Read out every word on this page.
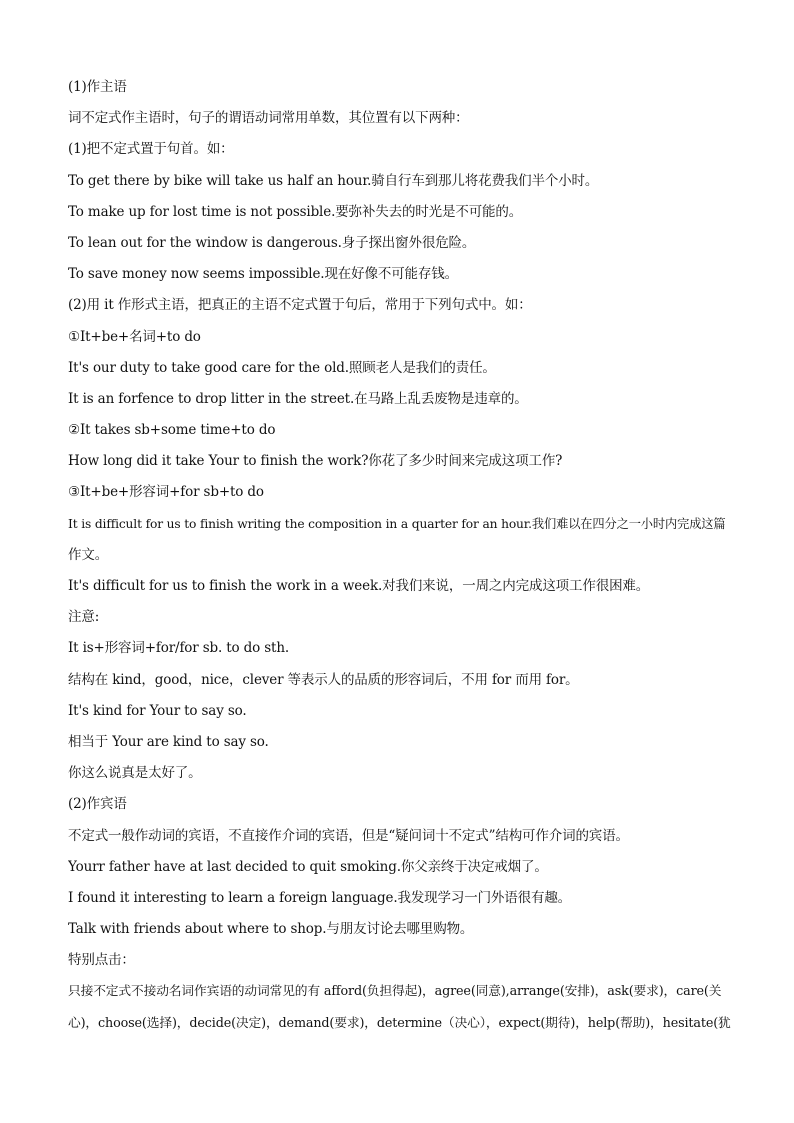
(1)作主语
词不定式作主语时，句子的谓语动词常用单数，其位置有以下两种：
(1)把不定式置于句首。如：
To get there by bike will take us half an hour.骑自行车到那儿将花费我们半个小时。
To make up for lost time is not possible.要弥补失去的时光是不可能的。
To lean out for the window is dangerous.身子探出窗外很危险。
To save money now seems impossible.现在好像不可能存钱。
(2)用 it 作形式主语，把真正的主语不定式置于句后，常用于下列句式中。如：
①It+be+名词+to do
It's our duty to take good care for the old.照顾老人是我们的责任。
It is an forfence to drop litter in the street.在马路上乱丢废物是违章的。
②It takes sb+some time+to do
How long did it take Your to finish the work?你花了多少时间来完成这项工作?
③It+be+形容词+for sb+to do
It is difficult for us to finish writing the composition in a quarter for an hour.我们难以在四分之一小时内完成这篇
作文。
It's difficult for us to finish the work in a week.对我们来说，一周之内完成这项工作很困难。
注意:
It is+形容词+for/for sb. to do sth.
结构在 kind，good，nice，clever 等表示人的品质的形容词后，不用 for 而用 for。
It's kind for Your to say so.
相当于 Your are kind to say so.
你这么说真是太好了。
(2)作宾语
不定式一般作动词的宾语，不直接作介词的宾语，但是“疑问词十不定式”结构可作介词的宾语。
Yourr father have at last decided to quit smoking.你父亲终于决定戒烟了。
I found it interesting to learn a foreign language.我发现学习一门外语很有趣。
Talk with friends about where to shop.与朋友讨论去哪里购物。
特别点击：
只接不定式不接动名词作宾语的动词常见的有 afford(负担得起)，agree(同意),arrange(安排)，ask(要求)，care(关
心)，choose(选择)，decide(决定)，demand(要求)，determine（决心），expect(期待)，help(帮助)，hesitate(犹
